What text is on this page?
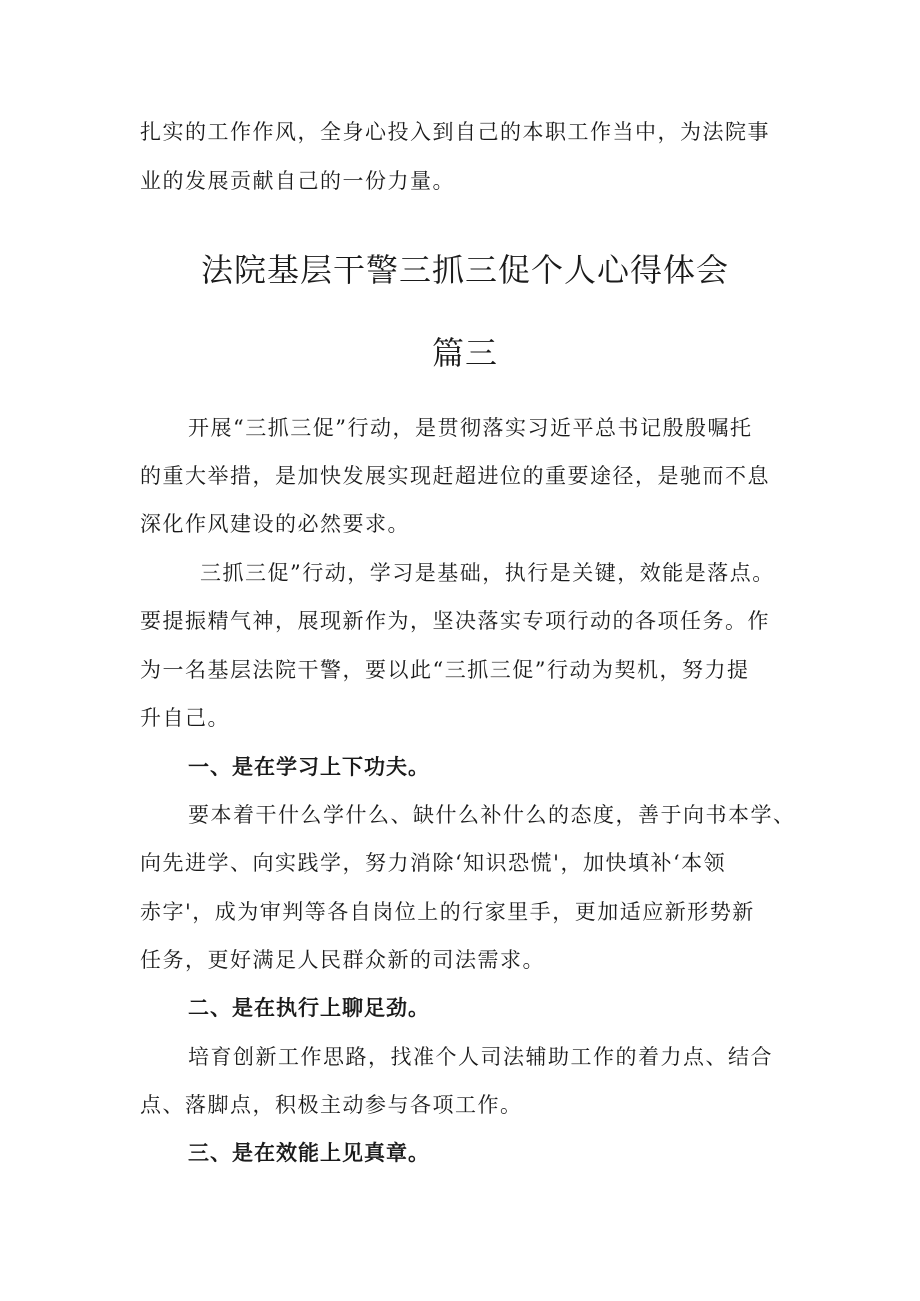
扎实的工作作风，全身心投入到自己的本职工作当中，为法院事
业的发展贡献自己的一份力量。
法院基层干警三抓三促个人心得体会
篇三
开展“三抓三促”行动，是贯彻落实习近平总书记殷殷嘱托
的重大举措，是加快发展实现赶超进位的重要途径，是驰而不息
深化作风建设的必然要求。
三抓三促”行动，学习是基础，执行是关键，效能是落点。
要提振精气神，展现新作为，坚决落实专项行动的各项任务。作
为一名基层法院干警，要以此“三抓三促”行动为契机，努力提
升自己。
一、是在学习上下功夫。
要本着干什么学什么、缺什么补什么的态度，善于向书本学、
向先进学、向实践学，努力消除‘知识恐慌'，加快填补‘本领
赤字'，成为审判等各自岗位上的行家里手，更加适应新形势新
任务，更好满足人民群众新的司法需求。
二、是在执行上聊足劲。
培育创新工作思路，找准个人司法辅助工作的着力点、结合
点、落脚点，积极主动参与各项工作。
三、是在效能上见真章。
